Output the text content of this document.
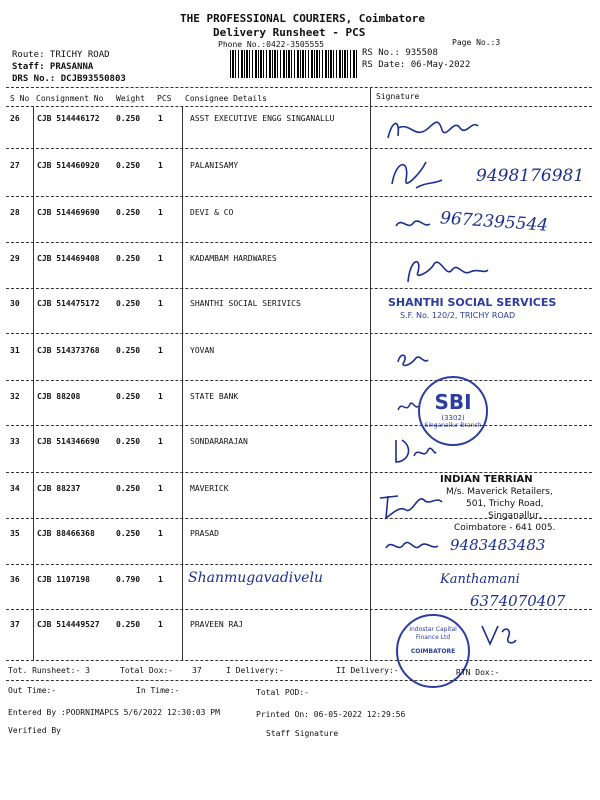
THE PROFESSIONAL COURIERS, Coimbatore
Delivery Runsheet - PCS
Phone No.:0422-3505555	Page No.:3
Route: TRICHY ROAD
Staff: PRASANNA
DRS No.: DCJB93550803
RS No.: 935508
RS Date: 06-May-2022
S No Consignment No Weight PCS Consignee Details	Signature
26 CJB 514446172 0.250 1	ASST EXECUTIVE ENGG SINGANALLU
27 CJB 514460920 0.250 1	PALANISAMY
28 CJB 514469690 0.250 1	DEVI & CO
29 CJB 514469408 0.250 1	KADAMBAM HARDWARES
30 CJB 514475172 0.250 1	SHANTHI SOCIAL SERIVICS
31 CJB 514373768 0.250 1	YOVAN
32 CJB 88208	0.250 1	STATE BANK
33 CJB 514346690 0.250 1	SONDARARAJAN
34 CJB 88237	0.250 1	MAVERICK
35 CJB 88466368	0.250 1	PRASAD
36 CJB 1107198	0.790 1 Shanmugavadivelu
37 CJB 514449527 0.250 1	PRAVEEN RAJ
9498176981
9672395544
SHANTHI SOCIAL SERVICES
S.F. No. 120/2, TRICHY ROAD
SBI
(3302)
Singanallur Branch
INDIAN TERRIAN
M/s. Maverick Retailers,
501, Trichy Road,
Singanallur,
Coimbatore - 641 005.
9483483483
Kanthamani
6374070407
Indostar Capital Finance Ltd
COIMBATORE
Tot. Runsheet:- 3	Total Dox:- 37	I Delivery:-	II Delivery:-	RTN Dox:-
Out Time:-	In Time:-	Total POD:-
Entered By :POORNIMAPCS 5/6/2022 12:30:03 PM	Printed On: 06-05-2022 12:29:56
Verified By	Staff Signature
